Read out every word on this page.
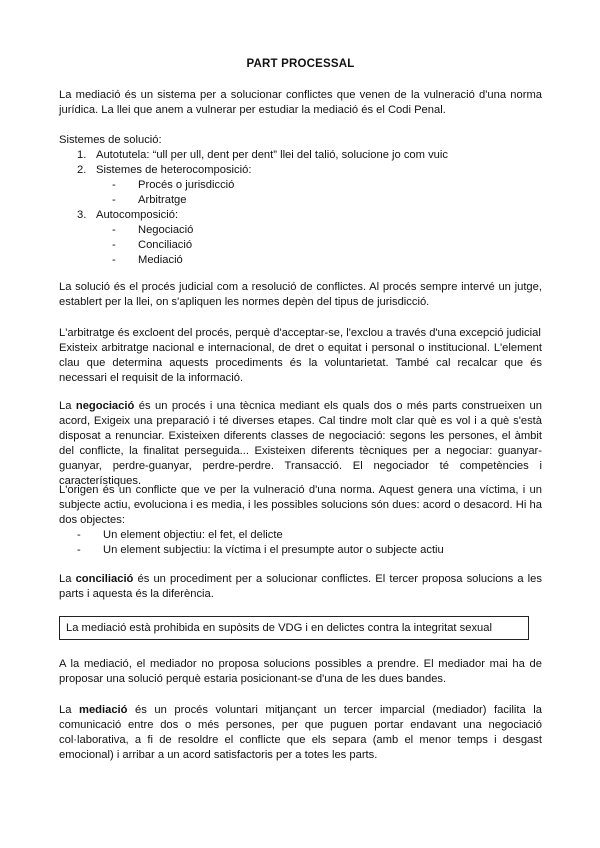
PART PROCESSAL

La mediació és un sistema per a solucionar conflictes que venen de la vulneració d'una norma jurídica. La llei que anem a vulnerar per estudiar la mediació és el Codi Penal.

Sistemes de solució:

1. Autotutela: “ull per ull, dent per dent” llei del talió, solucione jo com vuic
2. Sistemes de heterocomposició:
- Procés o jurisdicció
- Arbitratge
3. Autocomposició:
- Negociació
- Conciliació
- Mediació

La solució és el procés judicial com a resolució de conflictes. Al procés sempre intervé un jutge, establert per la llei, on s'apliquen les normes depèn del tipus de jurisdicció.

L'arbitratge és excloent del procés, perquè d'acceptar-se, l'exclou a través d'una excepció judicial

Existeix arbitratge nacional e internacional, de dret o equitat i personal o institucional. L'element clau que determina aquests procediments és la voluntarietat. També cal recalcar que és necessari el requisit de la informació.

La negociació és un procés i una tècnica mediant els quals dos o més parts construeixen un acord, Exigeix una preparació i té diverses etapes. Cal tindre molt clar què es vol i a què s'està disposat a renunciar. Existeixen diferents classes de negociació: segons les persones, el àmbit del conflicte, la finalitat perseguida... Existeixen diferents tècniques per a negociar: guanyar-guanyar, perdre-guanyar, perdre-perdre. Transacció. El negociador té competències i característiques.

L'origen és un conflicte que ve per la vulneració d'una norma. Aquest genera una víctima, i un subjecte actiu, evoluciona i es media, i les possibles solucions són dues: acord o desacord. Hi ha dos objectes:

- Un element objectiu: el fet, el delicte
- Un element subjectiu: la víctima i el presumpte autor o subjecte actiu

La conciliació és un procediment per a solucionar conflictes. El tercer proposa solucions a les parts i aquesta és la diferència.

La mediació està prohibida en supòsits de VDG i en delictes contra la integritat sexual

A la mediació, el mediador no proposa solucions possibles a prendre. El mediador mai ha de proposar una solució perquè estaria posicionant-se d'una de les dues bandes.

La mediació és un procés voluntari mitjançant un tercer imparcial (mediador) facilita la comunicació entre dos o més persones, per que puguen portar endavant una negociació col·laborativa, a fi de resoldre el conflicte que els separa (amb el menor temps i desgast emocional) i arribar a un acord satisfactoris per a totes les parts.
